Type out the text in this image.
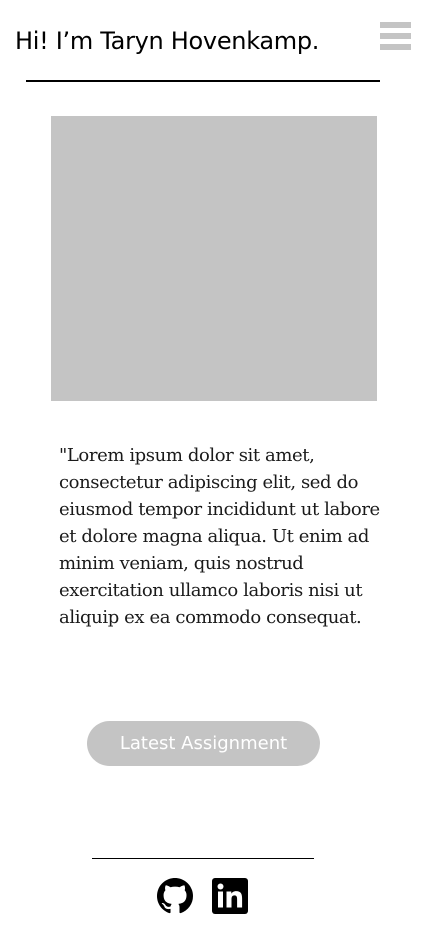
Hi! I’m Taryn Hovenkamp.

"Lorem ipsum dolor sit amet, consectetur adipiscing elit, sed do eiusmod tempor incididunt ut labore et dolore magna aliqua. Ut enim ad minim veniam, quis nostrud exercitation ullamco laboris nisi ut aliquip ex ea commodo consequat.

Latest Assignment
